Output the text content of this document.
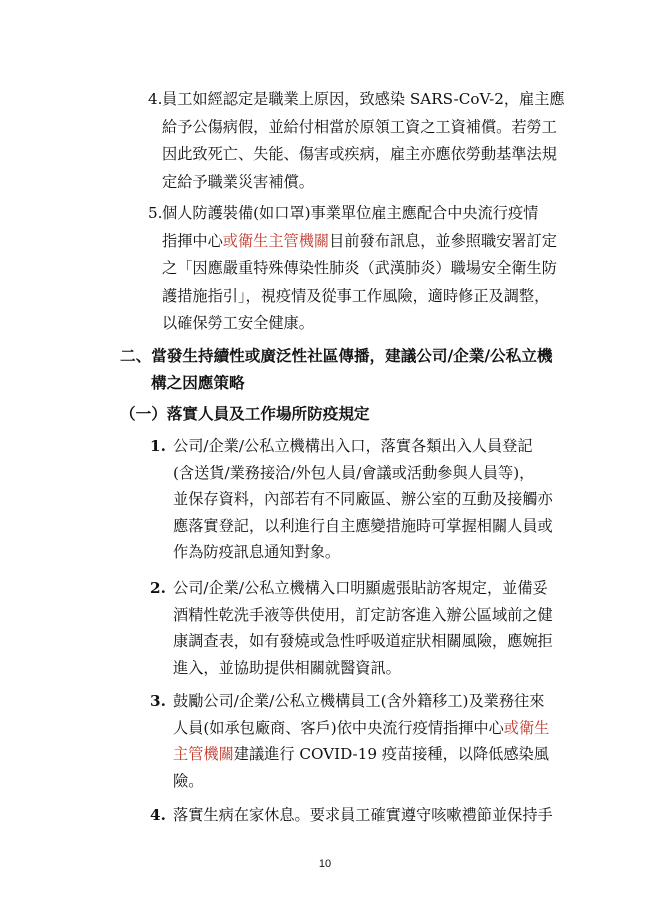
4. 員工如經認定是職業上原因，致感染 SARS-CoV-2，雇主應
給予公傷病假，並給付相當於原領工資之工資補償。若勞工
因此致死亡、失能、傷害或疾病，雇主亦應依勞動基準法規
定給予職業災害補償。
5. 個人防護裝備(如口罩)事業單位雇主應配合中央流行疫情
指揮中心或衛生主管機關目前發布訊息，並參照職安署訂定
之「因應嚴重特殊傳染性肺炎（武漢肺炎）職場安全衛生防
護措施指引」，視疫情及從事工作風險，適時修正及調整，
以確保勞工安全健康。
二、當發生持續性或廣泛性社區傳播，建議公司/企業/公私立機
構之因應策略
（一）落實人員及工作場所防疫規定
1. 公司/企業/公私立機構出入口，落實各類出入人員登記
(含送貨/業務接洽/外包人員/會議或活動參與人員等)，
並保存資料，內部若有不同廠區、辦公室的互動及接觸亦
應落實登記，以利進行自主應變措施時可掌握相關人員或
作為防疫訊息通知對象。
2. 公司/企業/公私立機構入口明顯處張貼訪客規定，並備妥
酒精性乾洗手液等供使用，訂定訪客進入辦公區域前之健
康調查表，如有發燒或急性呼吸道症狀相關風險，應婉拒
進入，並協助提供相關就醫資訊。
3. 鼓勵公司/企業/公私立機構員工(含外籍移工)及業務往來
人員(如承包廠商、客戶)依中央流行疫情指揮中心或衛生
主管機關建議進行 COVID-19 疫苗接種，以降低感染風
險。
4. 落實生病在家休息。要求員工確實遵守咳嗽禮節並保持手
10
